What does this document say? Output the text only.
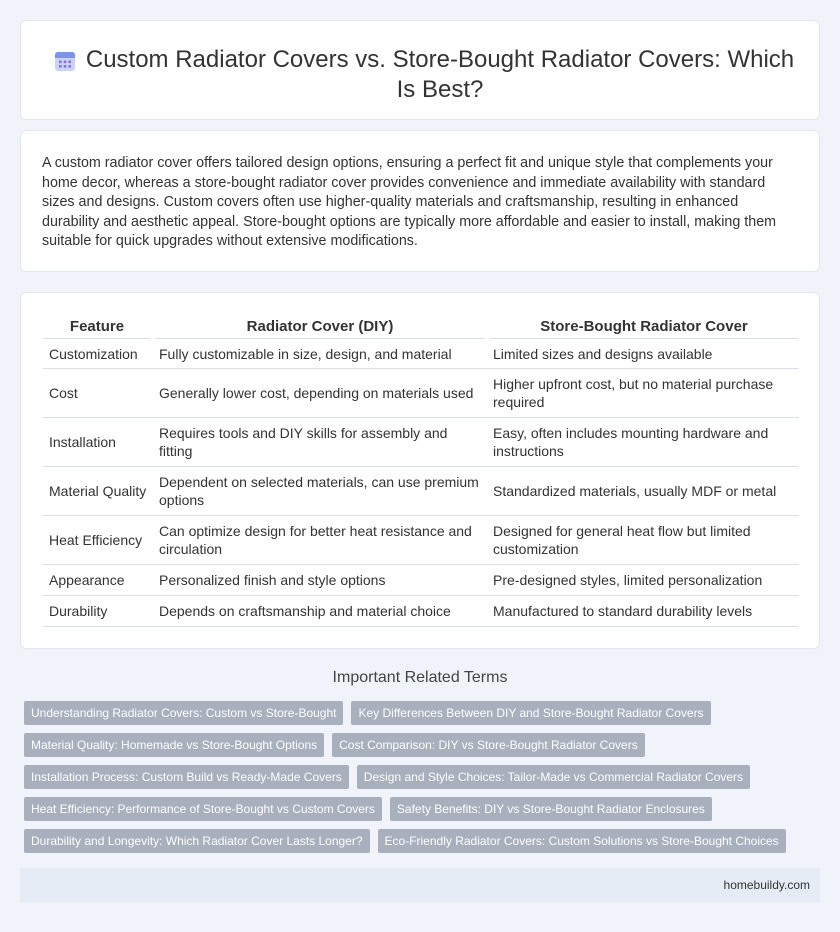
Custom Radiator Covers vs. Store-Bought Radiator Covers: Which Is Best?

A custom radiator cover offers tailored design options, ensuring a perfect fit and unique style that complements your home decor, whereas a store-bought radiator cover provides convenience and immediate availability with standard sizes and designs. Custom covers often use higher-quality materials and craftsmanship, resulting in enhanced durability and aesthetic appeal. Store-bought options are typically more affordable and easier to install, making them suitable for quick upgrades without extensive modifications.

Feature	Radiator Cover (DIY)	Store-Bought Radiator Cover
Customization	Fully customizable in size, design, and material	Limited sizes and designs available
Cost	Generally lower cost, depending on materials used	Higher upfront cost, but no material purchase required
Installation	Requires tools and DIY skills for assembly and fitting	Easy, often includes mounting hardware and instructions
Material Quality	Dependent on selected materials, can use premium options	Standardized materials, usually MDF or metal
Heat Efficiency	Can optimize design for better heat resistance and circulation	Designed for general heat flow but limited customization
Appearance	Personalized finish and style options	Pre-designed styles, limited personalization
Durability	Depends on craftsmanship and material choice	Manufactured to standard durability levels
Important Related Terms
Understanding Radiator Covers: Custom vs Store-Bought	Key Differences Between DIY and Store-Bought Radiator Covers
Material Quality: Homemade vs Store-Bought Options	Cost Comparison: DIY vs Store-Bought Radiator Covers
Installation Process: Custom Build vs Ready-Made Covers	Design and Style Choices: Tailor-Made vs Commercial Radiator Covers
Heat Efficiency: Performance of Store-Bought vs Custom Covers	Safety Benefits: DIY vs Store-Bought Radiator Enclosures
Durability and Longevity: Which Radiator Cover Lasts Longer?	Eco-Friendly Radiator Covers: Custom Solutions vs Store-Bought Choices
homebuildy.com
